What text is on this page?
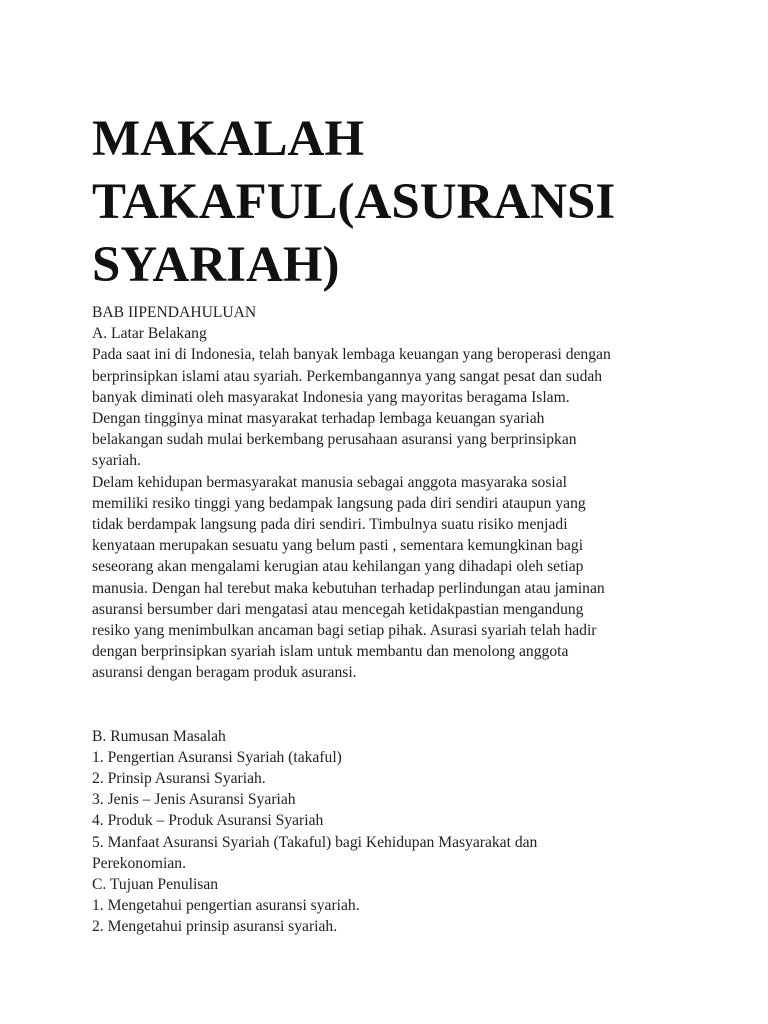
MAKALAH
TAKAFUL(ASURANSI
SYARIAH)
BAB IIPENDAHULUAN
A. Latar Belakang
Pada saat ini di Indonesia, telah banyak lembaga keuangan yang beroperasi dengan
berprinsipkan islami atau syariah. Perkembangannya yang sangat pesat dan sudah
banyak diminati oleh masyarakat Indonesia yang mayoritas beragama Islam.
Dengan tingginya minat masyarakat terhadap lembaga keuangan syariah
belakangan sudah mulai berkembang perusahaan asuransi yang berprinsipkan
syariah.
Delam kehidupan bermasyarakat manusia sebagai anggota masyaraka sosial
memiliki resiko tinggi yang bedampak langsung pada diri sendiri ataupun yang
tidak berdampak langsung pada diri sendiri. Timbulnya suatu risiko menjadi
kenyataan merupakan sesuatu yang belum pasti , sementara kemungkinan bagi
seseorang akan mengalami kerugian atau kehilangan yang dihadapi oleh setiap
manusia. Dengan hal terebut maka kebutuhan terhadap perlindungan atau jaminan
asuransi bersumber dari mengatasi atau mencegah ketidakpastian mengandung
resiko yang menimbulkan ancaman bagi setiap pihak. Asurasi syariah telah hadir
dengan berprinsipkan syariah islam untuk membantu dan menolong anggota
asuransi dengan beragam produk asuransi.
B. Rumusan Masalah
1. Pengertian Asuransi Syariah (takaful)
2. Prinsip Asuransi Syariah.
3. Jenis – Jenis Asuransi Syariah
4. Produk – Produk Asuransi Syariah
5. Manfaat Asuransi Syariah (Takaful) bagi Kehidupan Masyarakat dan
Perekonomian.
C. Tujuan Penulisan
1. Mengetahui pengertian asuransi syariah.
2. Mengetahui prinsip asuransi syariah.
